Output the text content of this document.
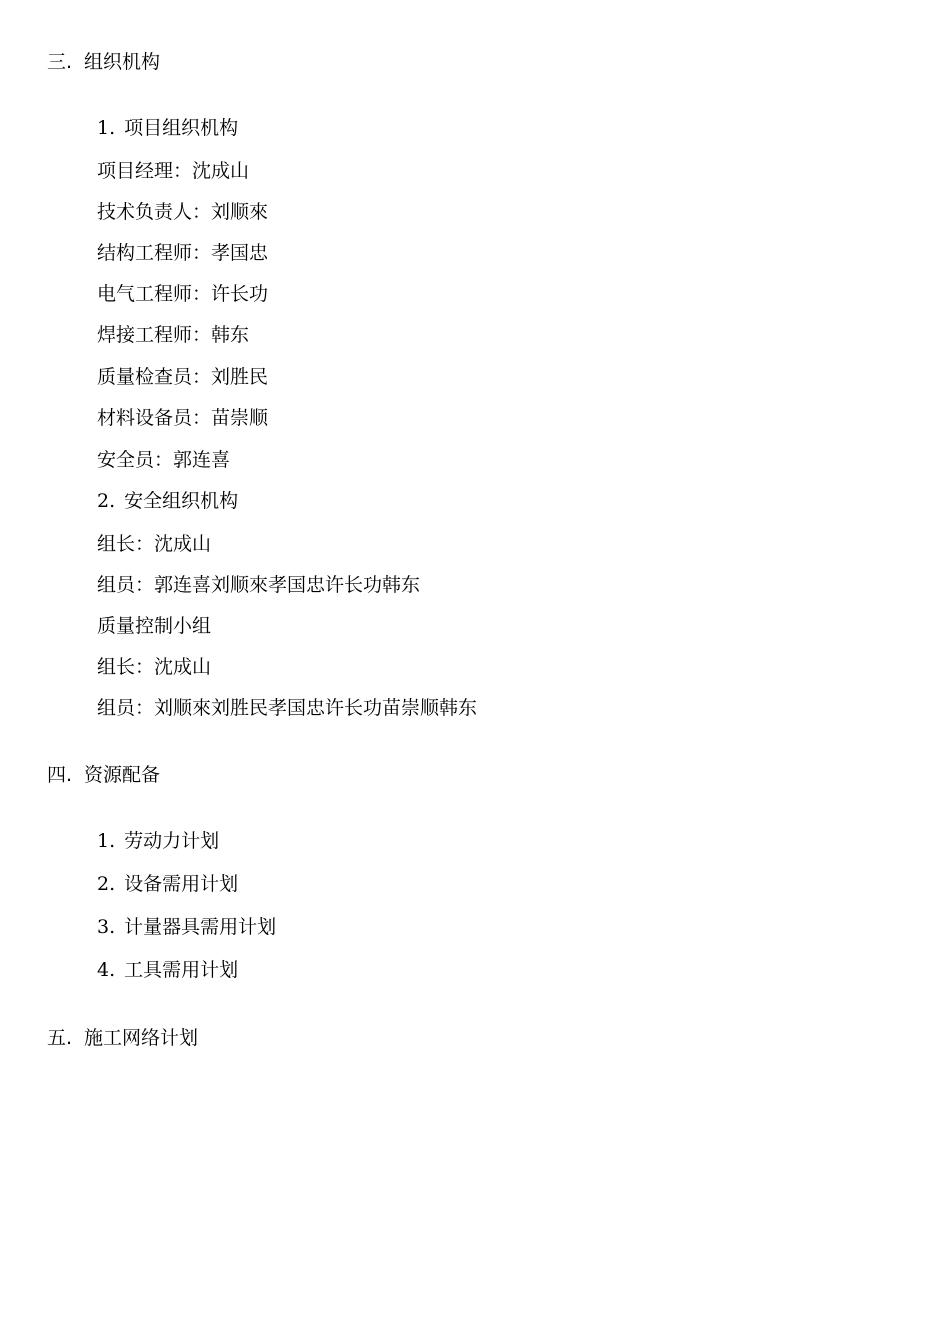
三. 组织机构
1. 项目组织机构
项目经理：沈成山
技术负责人：刘顺來
结构工程师：孝国忠
电气工程师：许长功
焊接工程师：韩东
质量检查员：刘胜民
材料设备员：苗崇顺
安全员：郭连喜
2. 安全组织机构
组长：沈成山
组员：郭连喜刘顺來孝国忠许长功韩东
质量控制小组
组长：沈成山
组员：刘顺來刘胜民孝国忠许长功苗崇顺韩东
四. 资源配备
1. 劳动力计划
2. 设备需用计划
3. 计量器具需用计划
4. 工具需用计划
五. 施工网络计划
